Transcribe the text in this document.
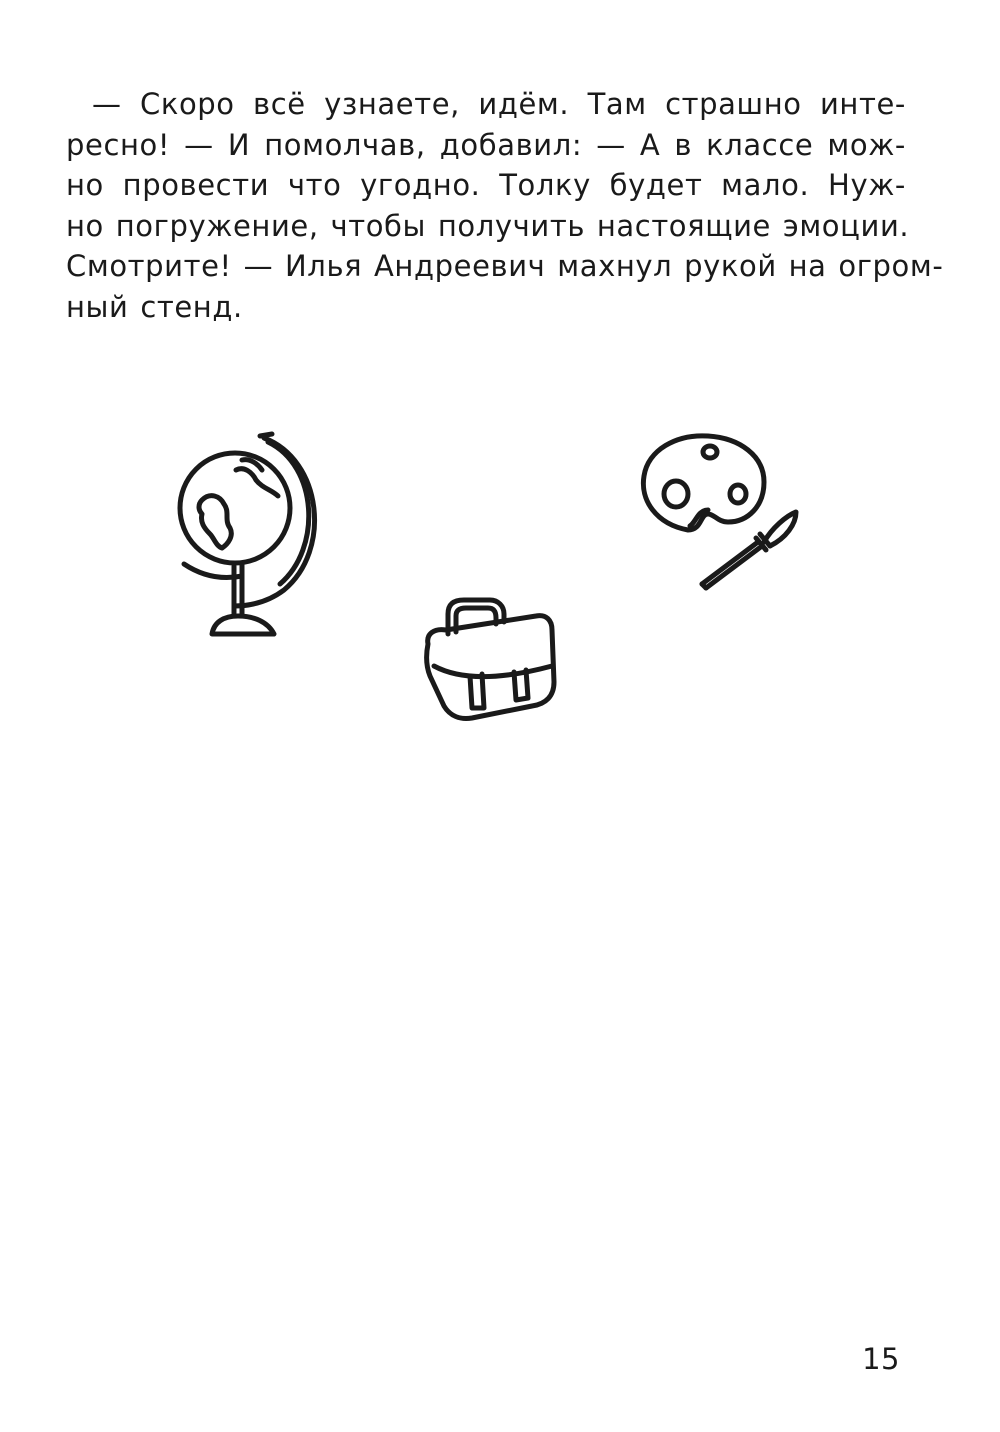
— Скоро всё узнаете, идём. Там страшно инте-
ресно! — И помолчав, добавил: — А в классе мож-
но провести что угодно. Толку будет мало. Нуж-
но погружение, чтобы получить настоящие эмоции.
Смотрите! — Илья Андреевич махнул рукой на огром-
ный стенд.
15
